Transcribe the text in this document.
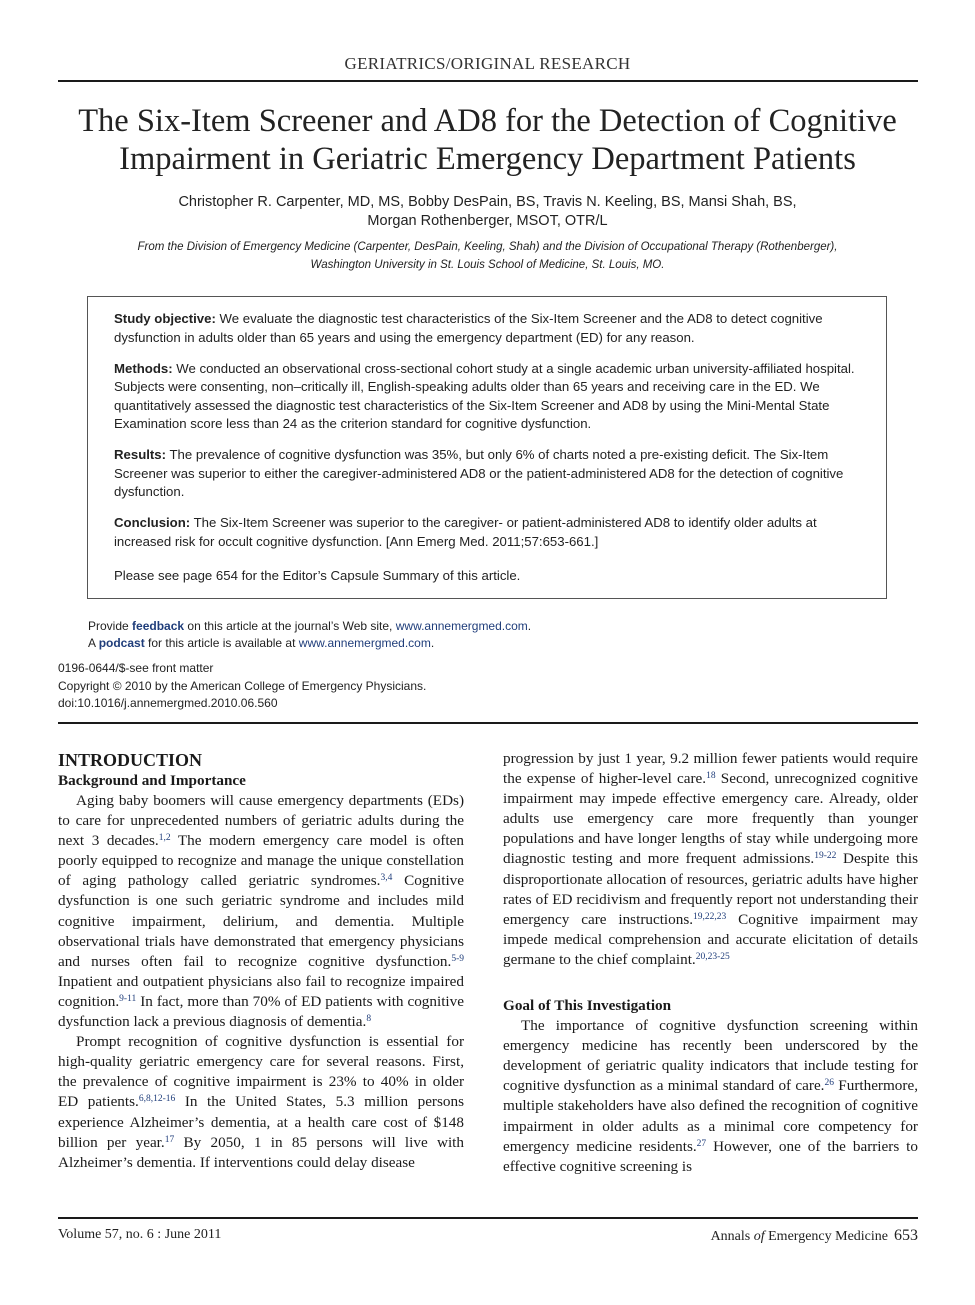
GERIATRICS/ORIGINAL RESEARCH
The Six-Item Screener and AD8 for the Detection of Cognitive
Impairment in Geriatric Emergency Department Patients
Christopher R. Carpenter, MD, MS, Bobby DesPain, BS, Travis N. Keeling, BS, Mansi Shah, BS,
Morgan Rothenberger, MSOT, OTR/L
From the Division of Emergency Medicine (Carpenter, DesPain, Keeling, Shah) and the Division of Occupational Therapy (Rothenberger),
Washington University in St. Louis School of Medicine, St. Louis, MO.

Study objective: We evaluate the diagnostic test characteristics of the Six-Item Screener and the AD8 to detect cognitive dysfunction in adults older than 65 years and using the emergency department (ED) for any reason.

Methods: We conducted an observational cross-sectional cohort study at a single academic urban university-affiliated hospital. Subjects were consenting, non–critically ill, English-speaking adults older than 65 years and receiving care in the ED. We quantitatively assessed the diagnostic test characteristics of the Six-Item Screener and AD8 by using the Mini-Mental State Examination score less than 24 as the criterion standard for cognitive dysfunction.

Results: The prevalence of cognitive dysfunction was 35%, but only 6% of charts noted a pre-existing deficit. The Six-Item Screener was superior to either the caregiver-administered AD8 or the patient-administered AD8 for the detection of cognitive dysfunction.

Conclusion: The Six-Item Screener was superior to the caregiver- or patient-administered AD8 to identify older adults at increased risk for occult cognitive dysfunction. [Ann Emerg Med. 2011;57:653-661.]

Please see page 654 for the Editor’s Capsule Summary of this article.

Provide feedback on this article at the journal’s Web site, www.annemergmed.com.
A podcast for this article is available at www.annemergmed.com.
0196-0644/$-see front matter
Copyright © 2010 by the American College of Emergency Physicians.
doi:10.1016/j.annemergmed.2010.06.560
INTRODUCTION
Background and Importance

Aging baby boomers will cause emergency departments (EDs) to care for unprecedented numbers of geriatric adults during the next 3 decades.$^{1,2}$ The modern emergency care model is often poorly equipped to recognize and manage the unique constellation of aging pathology called geriatric syndromes.$^{3,4}$ Cognitive dysfunction is one such geriatric syndrome and includes mild cognitive impairment, delirium, and dementia. Multiple observational trials have demonstrated that emergency physicians and nurses often fail to recognize cognitive dysfunction.$^{5-9}$ Inpatient and outpatient physicians also fail to recognize impaired cognition.$^{9-11}$ In fact, more than 70% of ED patients with cognitive dysfunction lack a previous diagnosis of dementia.$^8$

Prompt recognition of cognitive dysfunction is essential for high-quality geriatric emergency care for several reasons. First, the prevalence of cognitive impairment is 23% to 40% in older ED patients.$^{6,8,12-16}$ In the United States, 5.3 million persons experience Alzheimer’s dementia, at a health care cost of $148 billion per year.$^{17}$ By 2050, 1 in 85 persons will live with Alzheimer’s dementia. If interventions could delay disease

progression by just 1 year, 9.2 million fewer patients would require the expense of higher-level care.$^{18}$ Second, unrecognized cognitive impairment may impede effective emergency care. Already, older adults use emergency care more frequently than younger populations and have longer lengths of stay while undergoing more diagnostic testing and more frequent admissions.$^{19-22}$ Despite this disproportionate allocation of resources, geriatric adults have higher rates of ED recidivism and frequently report not understanding their emergency care instructions.$^{19,22,23}$ Cognitive impairment may impede medical comprehension and accurate elicitation of details germane to the chief complaint.$^{20,23-25}$

Goal of This Investigation

The importance of cognitive dysfunction screening within emergency medicine has recently been underscored by the development of geriatric quality indicators that include testing for cognitive dysfunction as a minimal standard of care.$^{26}$ Furthermore, multiple stakeholders have also defined the recognition of cognitive impairment in older adults as a minimal core competency for emergency medicine residents.$^{27}$ However, one of the barriers to effective cognitive screening is

Volume 57, no. 6 : June 2011	Annals of Emergency Medicine 653
